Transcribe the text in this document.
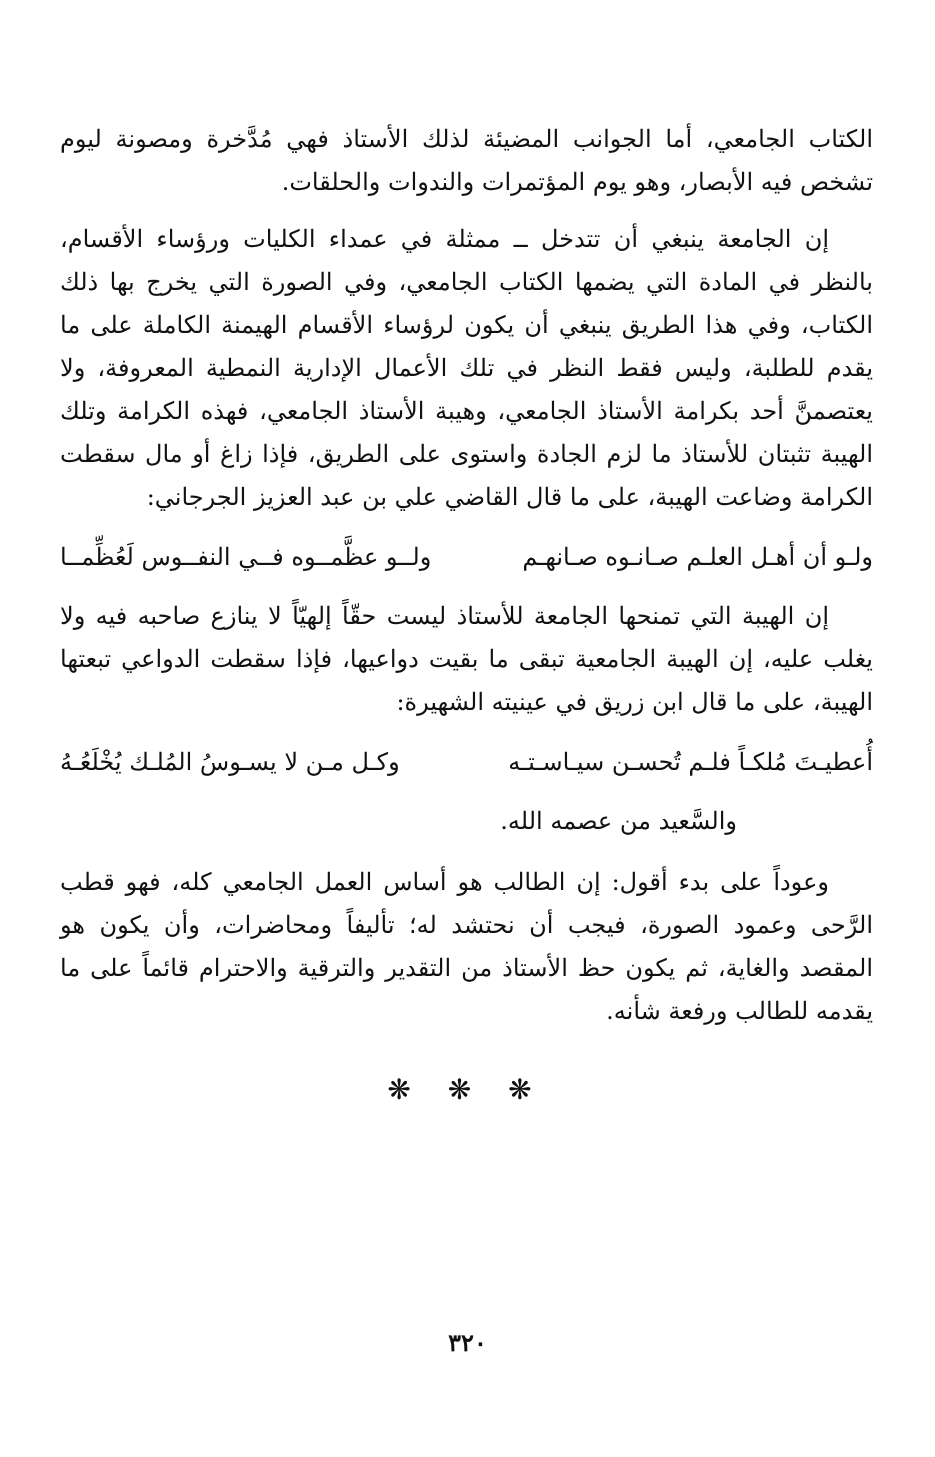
الكتاب الجامعي، أما الجوانب المضيئة لذلك الأستاذ فهي مُدَّخرة ومصونة ليوم تشخص فيه الأبصار، وهو يوم المؤتمرات والندوات والحلقات.

إن الجامعة ينبغي أن تتدخل ــ ممثلة في عمداء الكليات ورؤساء الأقسام، بالنظر في المادة التي يضمها الكتاب الجامعي، وفي الصورة التي يخرج بها ذلك الكتاب، وفي هذا الطريق ينبغي أن يكون لرؤساء الأقسام الهيمنة الكاملة على ما يقدم للطلبة، وليس فقط النظر في تلك الأعمال الإدارية النمطية المعروفة، ولا يعتصمنَّ أحد بكرامة الأستاذ الجامعي، وهيبة الأستاذ الجامعي، فهذه الكرامة وتلك الهيبة تثبتان للأستاذ ما لزم الجادة واستوى على الطريق، فإذا زاغ أو مال سقطت الكرامة وضاعت الهيبة، على ما قال القاضي علي بن عبد العزيز الجرجاني:

ولـو أن أهـل العلـم صـانـوه صـانهـم
ولــو عظَّمــوه فــي النفــوس لَعُظِّمــا

إن الهيبة التي تمنحها الجامعة للأستاذ ليست حقّاً إلهيّاً لا ينازع صاحبه فيه ولا يغلب عليه، إن الهيبة الجامعية تبقى ما بقيت دواعيها، فإذا سقطت الدواعي تبعتها الهيبة، على ما قال ابن زريق في عينيته الشهيرة:

أُعطيـتَ مُلكـاً فلـم تُحسـن سيـاسـتـه
وكـل مـن لا يسـوسُ المُلـك يُخْلَعُـهُ

والسَّعيد من عصمه الله.

وعوداً على بدء أقول: إن الطالب هو أساس العمل الجامعي كله، فهو قطب الرَّحى وعمود الصورة، فيجب أن نحتشد له؛ تأليفاً ومحاضرات، وأن يكون هو المقصد والغاية، ثم يكون حظ الأستاذ من التقدير والترقية والاحترام قائماً على ما يقدمه للطالب ورفعة شأنه.

❋ ❋ ❋
٣٢٠
